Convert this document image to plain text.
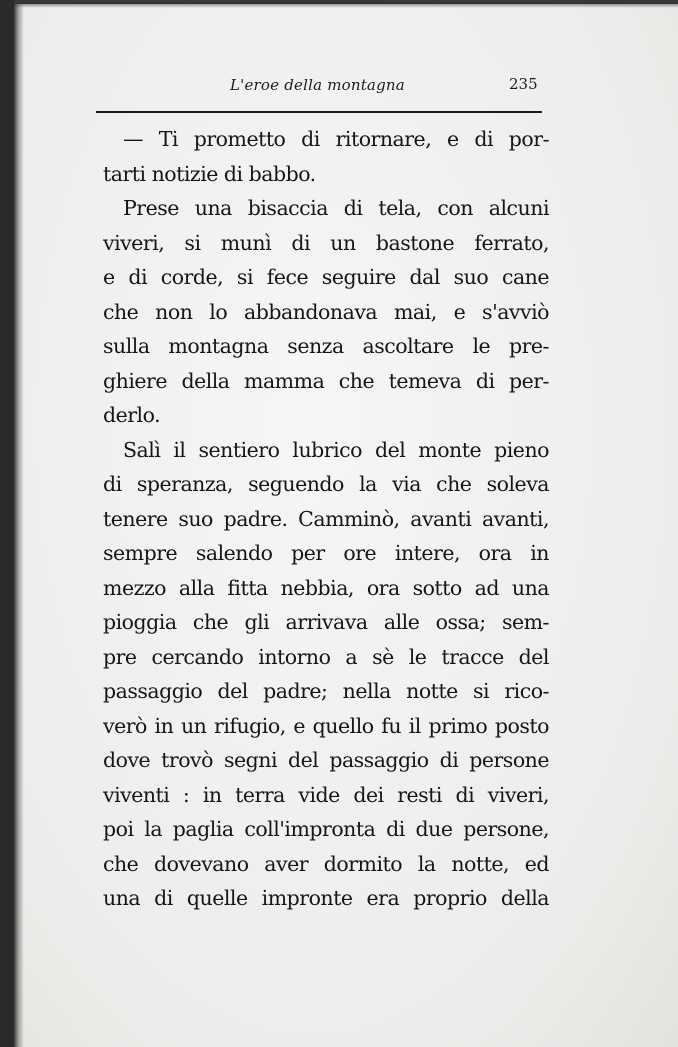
L'eroe della montagna	235
— Ti prometto di ritornare, e di por-
tarti notizie di babbo.
Prese una bisaccia di tela, con alcuni
viveri, si munì di un bastone ferrato,
e di corde, si fece seguire dal suo cane
che non lo abbandonava mai, e s'avviò
sulla montagna senza ascoltare le pre-
ghiere della mamma che temeva di per-
derlo.
Salì il sentiero lubrico del monte pieno
di speranza, seguendo la via che soleva
tenere suo padre. Camminò, avanti avanti,
sempre salendo per ore intere, ora in
mezzo alla fitta nebbia, ora sotto ad una
pioggia che gli arrivava alle ossa; sem-
pre cercando intorno a sè le tracce del
passaggio del padre; nella notte si rico-
verò in un rifugio, e quello fu il primo posto
dove trovò segni del passaggio di persone
viventi : in terra vide dei resti di viveri,
poi la paglia coll'impronta di due persone,
che dovevano aver dormito la notte, ed
una di quelle impronte era proprio della
